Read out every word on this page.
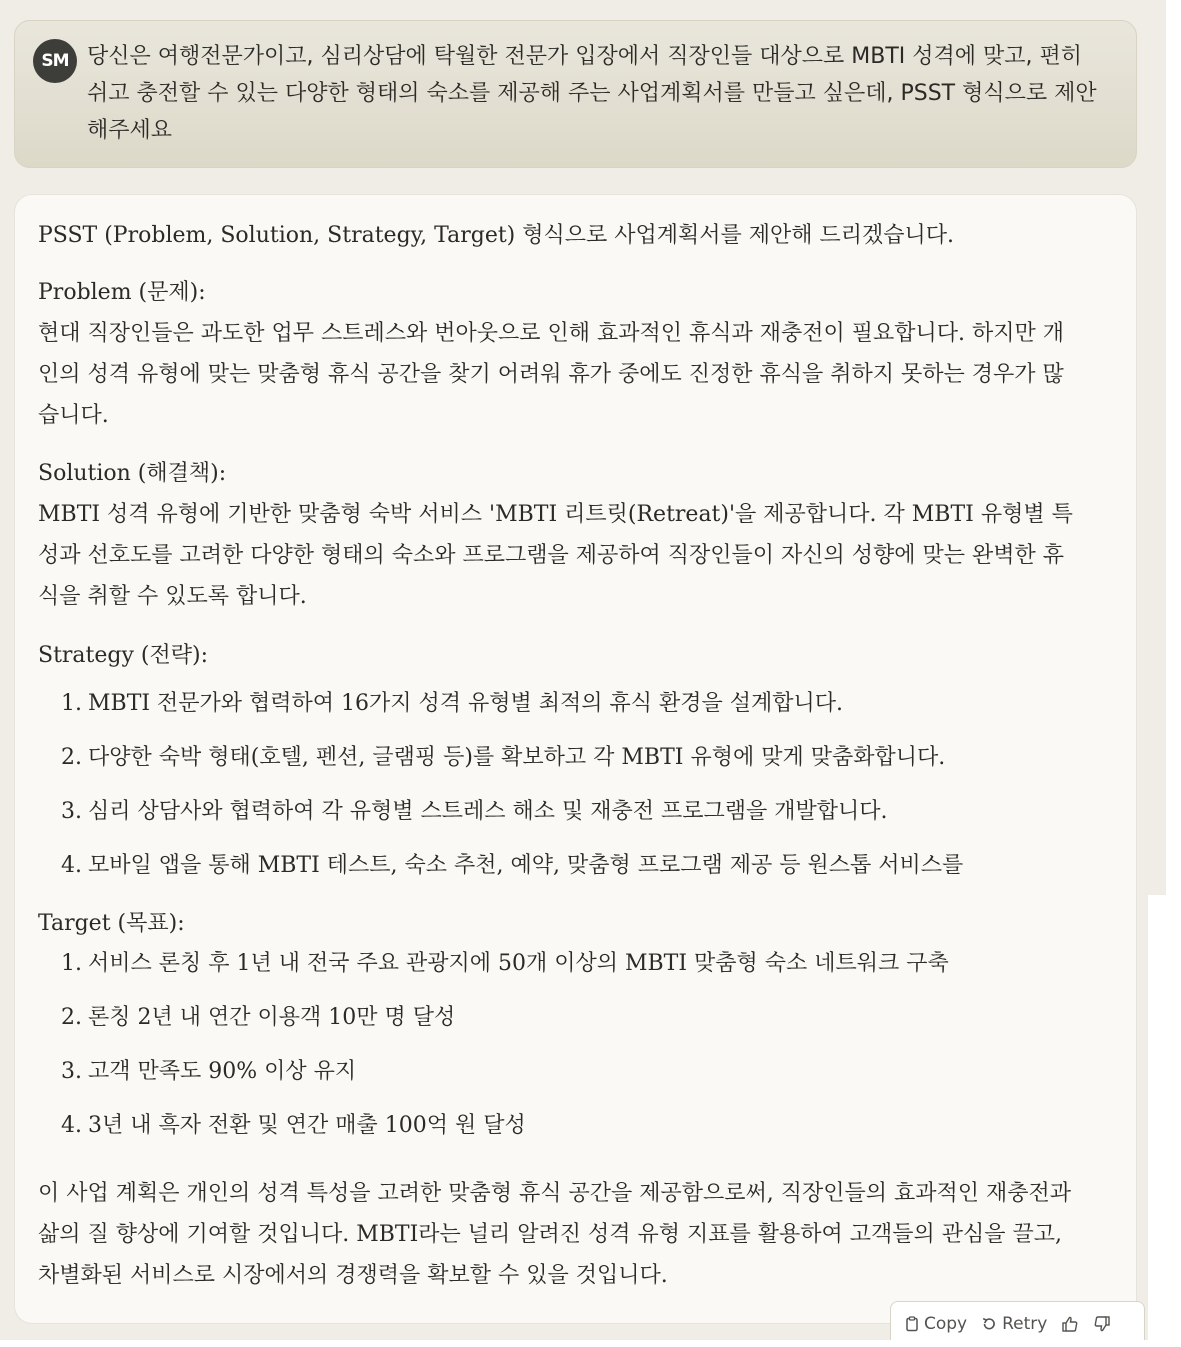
SM 당신은 여행전문가이고, 심리상담에 탁월한 전문가 입장에서 직장인들 대상으로 MBTI 성격에 맞고, 편히 쉬고 충전할 수 있는 다양한 형태의 숙소를 제공해 주는 사업계획서를 만들고 싶은데, PSST 형식으로 제안해주세요

PSST (Problem, Solution, Strategy, Target) 형식으로 사업계획서를 제안해 드리겠습니다.
Problem (문제):
현대 직장인들은 과도한 업무 스트레스와 번아웃으로 인해 효과적인 휴식과 재충전이 필요합니다. 하지만 개인의 성격 유형에 맞는 맞춤형 휴식 공간을 찾기 어려워 휴가 중에도 진정한 휴식을 취하지 못하는 경우가 많습니다.
Solution (해결책):
MBTI 성격 유형에 기반한 맞춤형 숙박 서비스 'MBTI 리트릿(Retreat)'을 제공합니다. 각 MBTI 유형별 특성과 선호도를 고려한 다양한 형태의 숙소와 프로그램을 제공하여 직장인들이 자신의 성향에 맞는 완벽한 휴식을 취할 수 있도록 합니다.
Strategy (전략):
1. MBTI 전문가와 협력하여 16가지 성격 유형별 최적의 휴식 환경을 설계합니다.
2. 다양한 숙박 형태(호텔, 펜션, 글램핑 등)를 확보하고 각 MBTI 유형에 맞게 맞춤화합니다.
3. 심리 상담사와 협력하여 각 유형별 스트레스 해소 및 재충전 프로그램을 개발합니다.
4. 모바일 앱을 통해 MBTI 테스트, 숙소 추천, 예약, 맞춤형 프로그램 제공 등 원스톱 서비스를
Target (목표):
1. 서비스 론칭 후 1년 내 전국 주요 관광지에 50개 이상의 MBTI 맞춤형 숙소 네트워크 구축
2. 론칭 2년 내 연간 이용객 10만 명 달성
3. 고객 만족도 90% 이상 유지
4. 3년 내 흑자 전환 및 연간 매출 100억 원 달성
이 사업 계획은 개인의 성격 특성을 고려한 맞춤형 휴식 공간을 제공함으로써, 직장인들의 효과적인 재충전과 삶의 질 향상에 기여할 것입니다. MBTI라는 널리 알려진 성격 유형 지표를 활용하여 고객들의 관심을 끌고, 차별화된 서비스로 시장에서의 경쟁력을 확보할 수 있을 것입니다.
Copy Retry
